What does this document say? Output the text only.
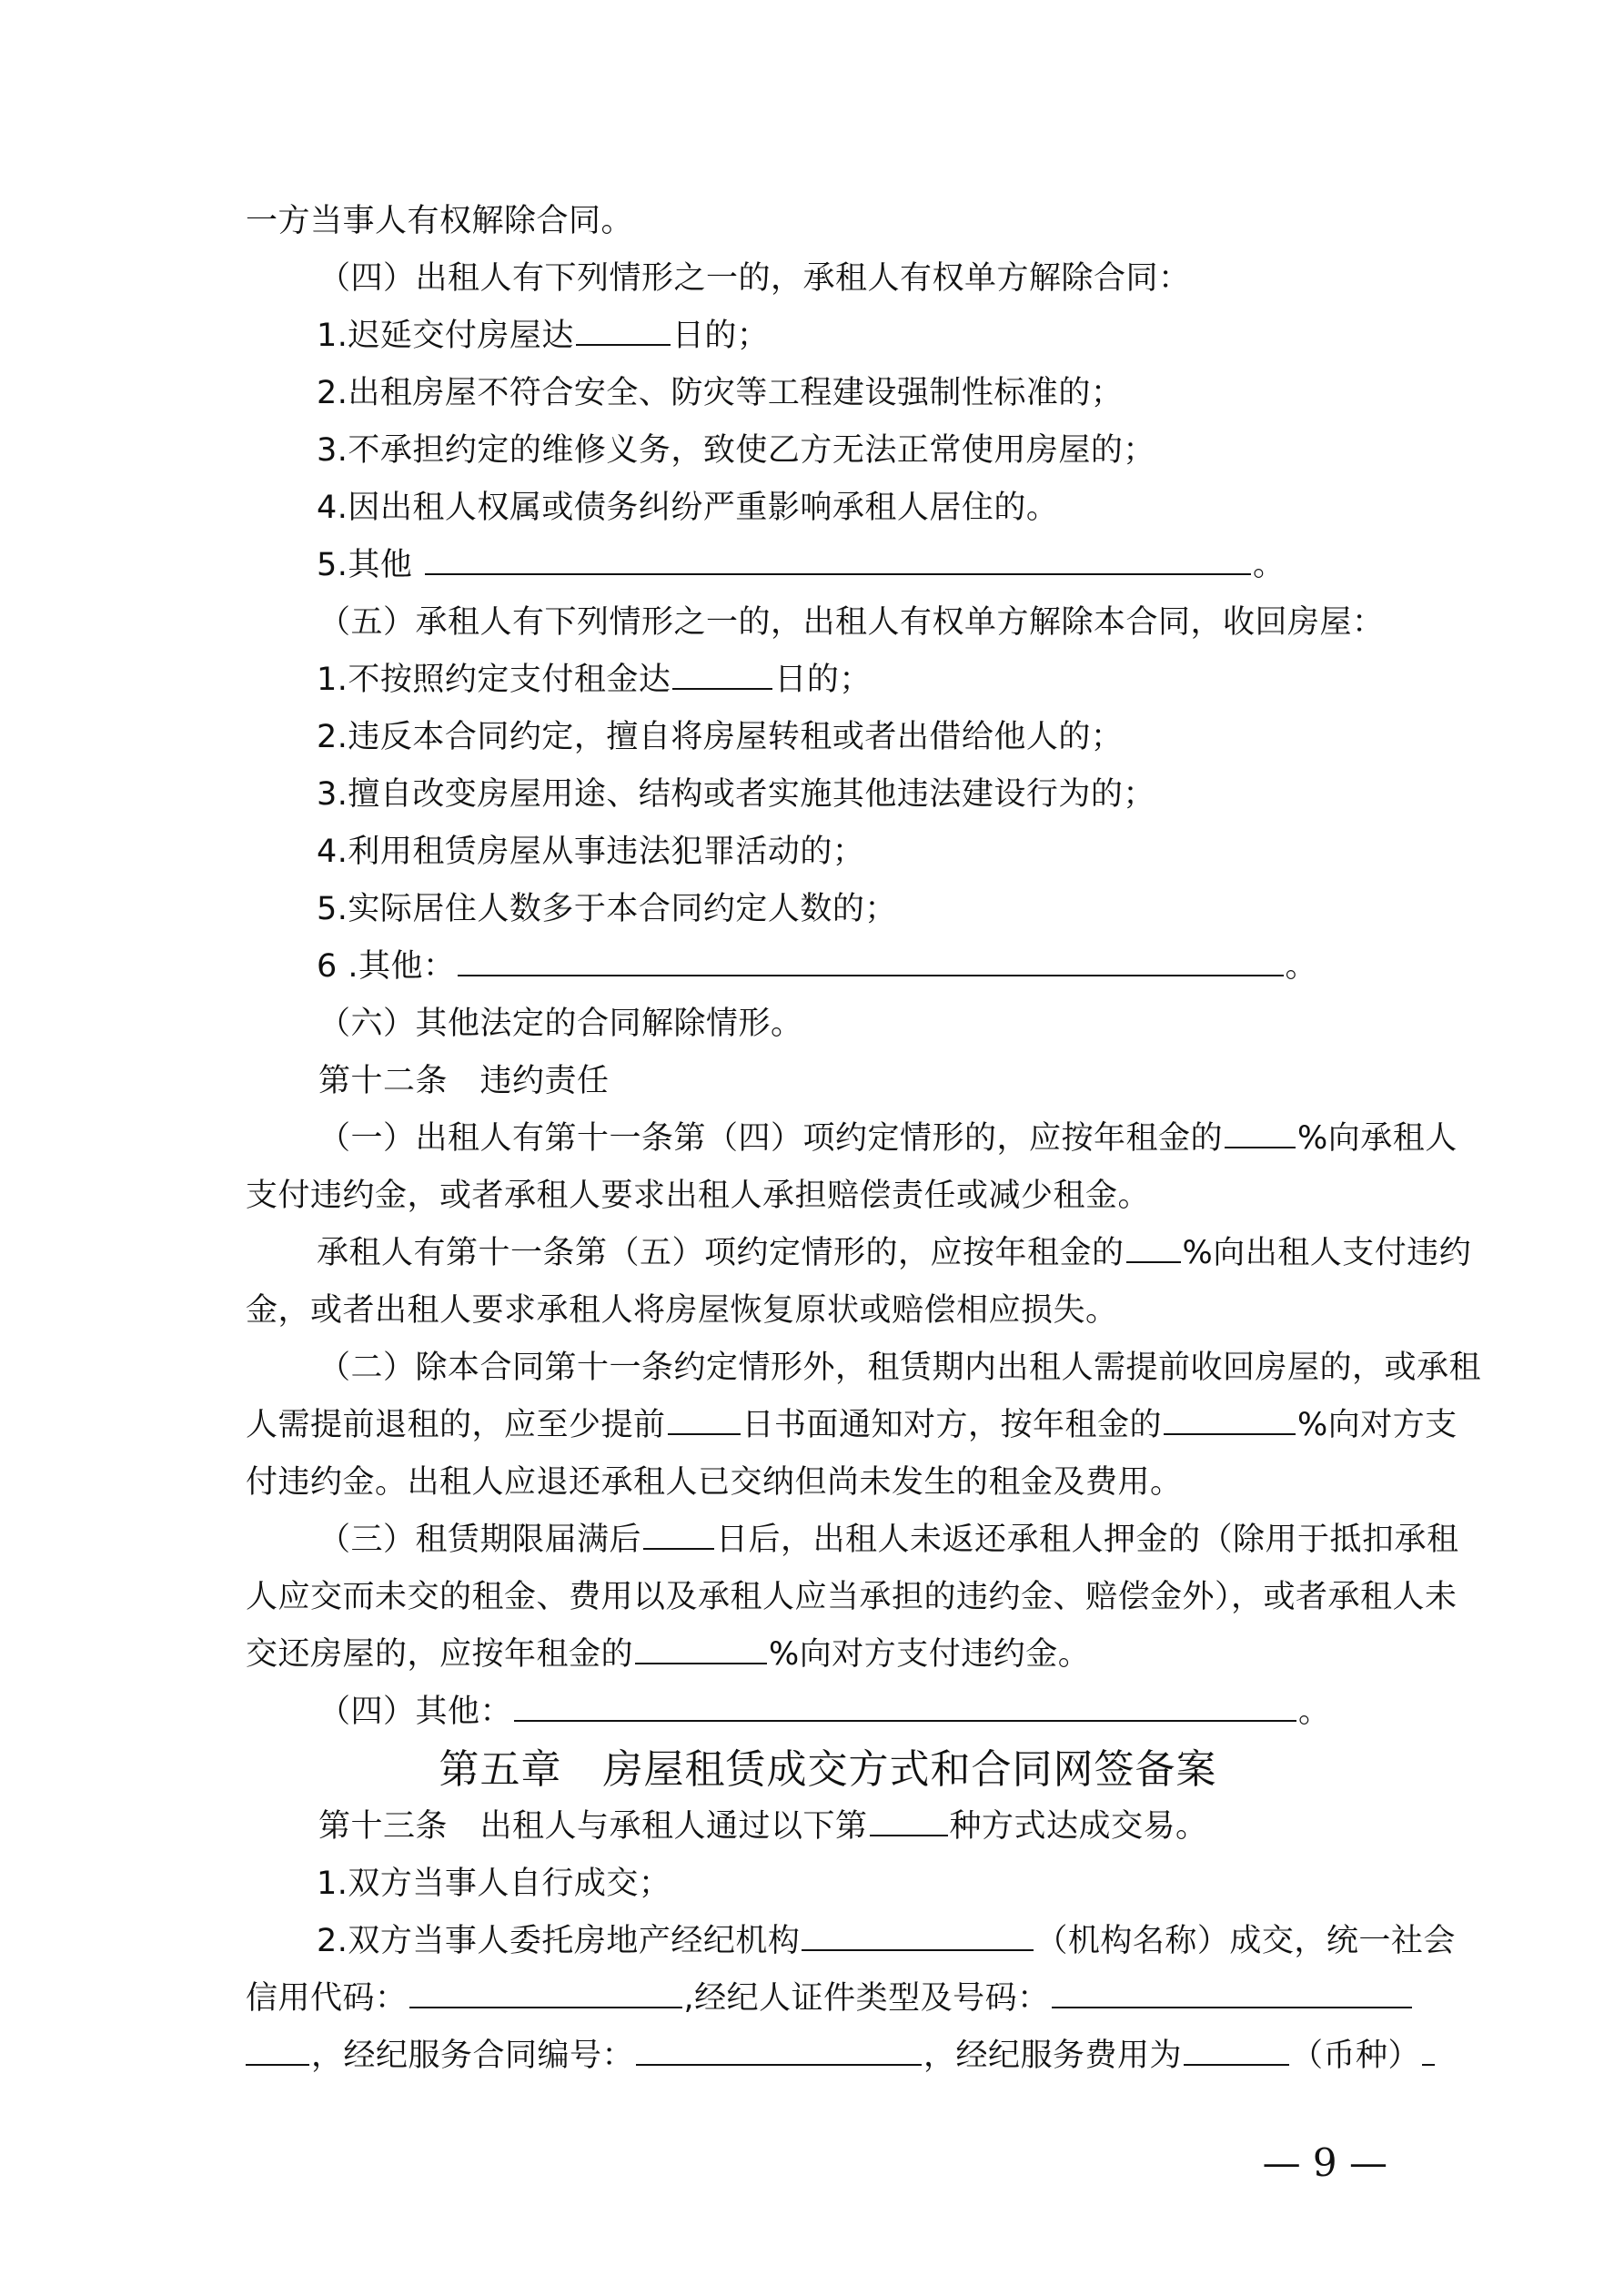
一方当事人有权解除合同。
（四）出租人有下列情形之一的，承租人有权单方解除合同：
1.迟延交付房屋达	日的；
2.出租房屋不符合安全、防灾等工程建设强制性标准的；
3.不承担约定的维修义务，致使乙方无法正常使用房屋的；
4.因出租人权属或债务纠纷严重影响承租人居住的。
5.其他	。
（五）承租人有下列情形之一的，出租人有权单方解除本合同，收回房屋：
1.不按照约定支付租金达	日的；
2.违反本合同约定，擅自将房屋转租或者出借给他人的；
3.擅自改变房屋用途、结构或者实施其他违法建设行为的；
4.利用租赁房屋从事违法犯罪活动的；
5.实际居住人数多于本合同约定人数的；
6 .其他：	。
（六）其他法定的合同解除情形。
第十二条　违约责任
（一）出租人有第十一条第（四）项约定情形的，应按年租金的 %向承租人
支付违约金，或者承租人要求出租人承担赔偿责任或减少租金。
承租人有第十一条第（五）项约定情形的，应按年租金的 %向出租人支付违约
金，或者出租人要求承租人将房屋恢复原状或赔偿相应损失。
（二）除本合同第十一条约定情形外，租赁期内出租人需提前收回房屋的，或承租
人需提前退租的，应至少提前 日书面通知对方，按年租金的	%向对方支
付违约金。出租人应退还承租人已交纳但尚未发生的租金及费用。
（三）租赁期限届满后 日后，出租人未返还承租人押金的（除用于抵扣承租
人应交而未交的租金、费用以及承租人应当承担的违约金、赔偿金外），或者承租人未
交还房屋的，应按年租金的	%向对方支付违约金。
（四）其他：	。
第五章　房屋租赁成交方式和合同网签备案
第十三条　出租人与承租人通过以下第	种方式达成交易。
1.双方当事人自行成交；
2.双方当事人委托房地产经纪机构	（机构名称）成交，统一社会
信用代码：	,经纪人证件类型及号码：
，经纪服务合同编号：	，经纪服务费用为	（币种）
— 9 —
